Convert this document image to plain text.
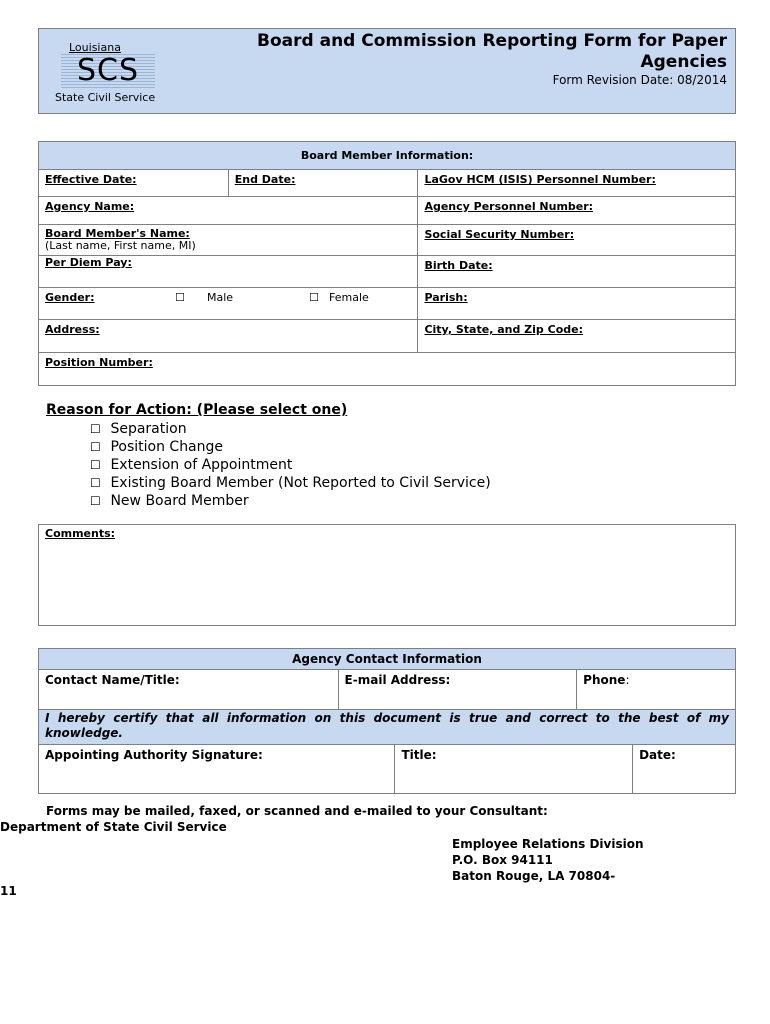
Louisiana
SCS
State Civil Service
Board and Commission Reporting Form for Paper
Agencies
Form Revision Date: 08/2014
Board Member Information:		
Effective Date:	End Date:	LaGov HCM (ISIS) Personnel Number:
Agency Name:		Agency Personnel Number:

Board Member's Name:
(Last name, First name, MI)		Social Security Number:
Per Diem Pay:		Birth Date:
Gender: ☐ Male ☐ Female		Parish:
Address:		City, State, and Zip Code:
Position Number:		
Reason for Action: (Please select one)
☐ Separation
☐ Position Change
☐ Extension of Appointment
☐ Existing Board Member (Not Reported to Civil Service)
☐ New Board Member
Comments:
Agency Contact Information				
Contact Name/Title:	E-mail Address:		Phone:	
I hereby certify that all information on this document is true and correct to the best of my knowledge.				
Appointing Authority Signature:		Title:		Date:
Forms may be mailed, faxed, or scanned and e-mailed to your Consultant:
Department of State Civil Service
Employee Relations Division
P.O. Box 94111
Baton Rouge, LA 70804-
11
